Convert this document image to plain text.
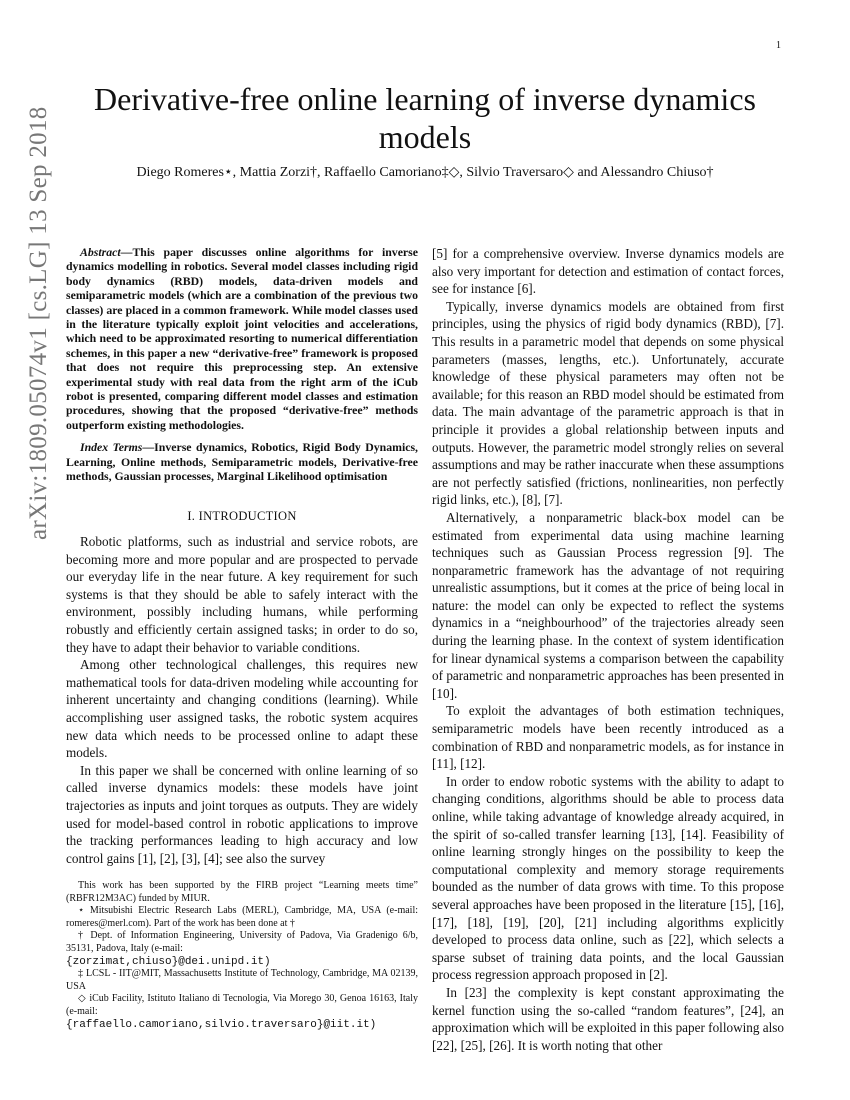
1
arXiv:1809.05074v1 [cs.LG] 13 Sep 2018
Derivative-free online learning of inverse dynamics models
Diego Romeres⋆, Mattia Zorzi†, Raffaello Camoriano‡◇, Silvio Traversaro◇ and Alessandro Chiuso†

Abstract—This paper discusses online algorithms for inverse dynamics modelling in robotics. Several model classes including rigid body dynamics (RBD) models, data-driven models and semiparametric models (which are a combination of the previous two classes) are placed in a common framework. While model classes used in the literature typically exploit joint velocities and accelerations, which need to be approximated resorting to numerical differentiation schemes, in this paper a new “derivative-free” framework is proposed that does not require this preprocessing step. An extensive experimental study with real data from the right arm of the iCub robot is presented, comparing different model classes and estimation procedures, showing that the proposed “derivative-free” methods outperform existing methodologies.

Index Terms—Inverse dynamics, Robotics, Rigid Body Dynamics, Learning, Online methods, Semiparametric models, Derivative-free methods, Gaussian processes, Marginal Likelihood optimisation

I. INTRODUCTION

Robotic platforms, such as industrial and service robots, are becoming more and more popular and are prospected to pervade our everyday life in the near future. A key requirement for such systems is that they should be able to safely interact with the environment, possibly including humans, while performing robustly and efficiently certain assigned tasks; in order to do so, they have to adapt their behavior to variable conditions.

Among other technological challenges, this requires new mathematical tools for data-driven modeling while accounting for inherent uncertainty and changing conditions (learning). While accomplishing user assigned tasks, the robotic system acquires new data which needs to be processed online to adapt these models.

In this paper we shall be concerned with online learning of so called inverse dynamics models: these models have joint trajectories as inputs and joint torques as outputs. They are widely used for model-based control in robotic applications to improve the tracking performances leading to high accuracy and low control gains [1], [2], [3], [4]; see also the survey

This work has been supported by the FIRB project “Learning meets time” (RBFR12M3AC) funded by MIUR.

⋆ Mitsubishi Electric Research Labs (MERL), Cambridge, MA, USA (e-mail: romeres@merl.com). Part of the work has been done at †

† Dept. of Information Engineering, University of Padova, Via Gradenigo 6/b, 35131, Padova, Italy (e-mail:

{zorzimat,chiuso}@dei.unipd.it)

‡ LCSL - IIT@MIT, Massachusetts Institute of Technology, Cambridge, MA 02139, USA

◇ iCub Facility, Istituto Italiano di Tecnologia, Via Morego 30, Genoa 16163, Italy (e-mail:

{raffaello.camoriano,silvio.traversaro}@iit.it)

[5] for a comprehensive overview. Inverse dynamics models are also very important for detection and estimation of contact forces, see for instance [6].

Typically, inverse dynamics models are obtained from first principles, using the physics of rigid body dynamics (RBD), [7]. This results in a parametric model that depends on some physical parameters (masses, lengths, etc.). Unfortunately, accurate knowledge of these physical parameters may often not be available; for this reason an RBD model should be estimated from data. The main advantage of the parametric approach is that in principle it provides a global relationship between inputs and outputs. However, the parametric model strongly relies on several assumptions and may be rather inaccurate when these assumptions are not perfectly satisfied (frictions, nonlinearities, non perfectly rigid links, etc.), [8], [7].

Alternatively, a nonparametric black-box model can be estimated from experimental data using machine learning techniques such as Gaussian Process regression [9]. The nonparametric framework has the advantage of not requiring unrealistic assumptions, but it comes at the price of being local in nature: the model can only be expected to reflect the systems dynamics in a “neighbourhood” of the trajectories already seen during the learning phase. In the context of system identification for linear dynamical systems a comparison between the capability of parametric and nonparametric approaches has been presented in [10].

To exploit the advantages of both estimation techniques, semiparametric models have been recently introduced as a combination of RBD and nonparametric models, as for instance in [11], [12].

In order to endow robotic systems with the ability to adapt to changing conditions, algorithms should be able to process data online, while taking advantage of knowledge already acquired, in the spirit of so-called transfer learning [13], [14]. Feasibility of online learning strongly hinges on the possibility to keep the computational complexity and memory storage requirements bounded as the number of data grows with time. To this propose several approaches have been proposed in the literature [15], [16], [17], [18], [19], [20], [21] including algorithms explicitly developed to process data online, such as [22], which selects a sparse subset of training data points, and the local Gaussian process regression approach proposed in [2].

In [23] the complexity is kept constant approximating the kernel function using the so-called “random features”, [24], an approximation which will be exploited in this paper following also [22], [25], [26]. It is worth noting that other
